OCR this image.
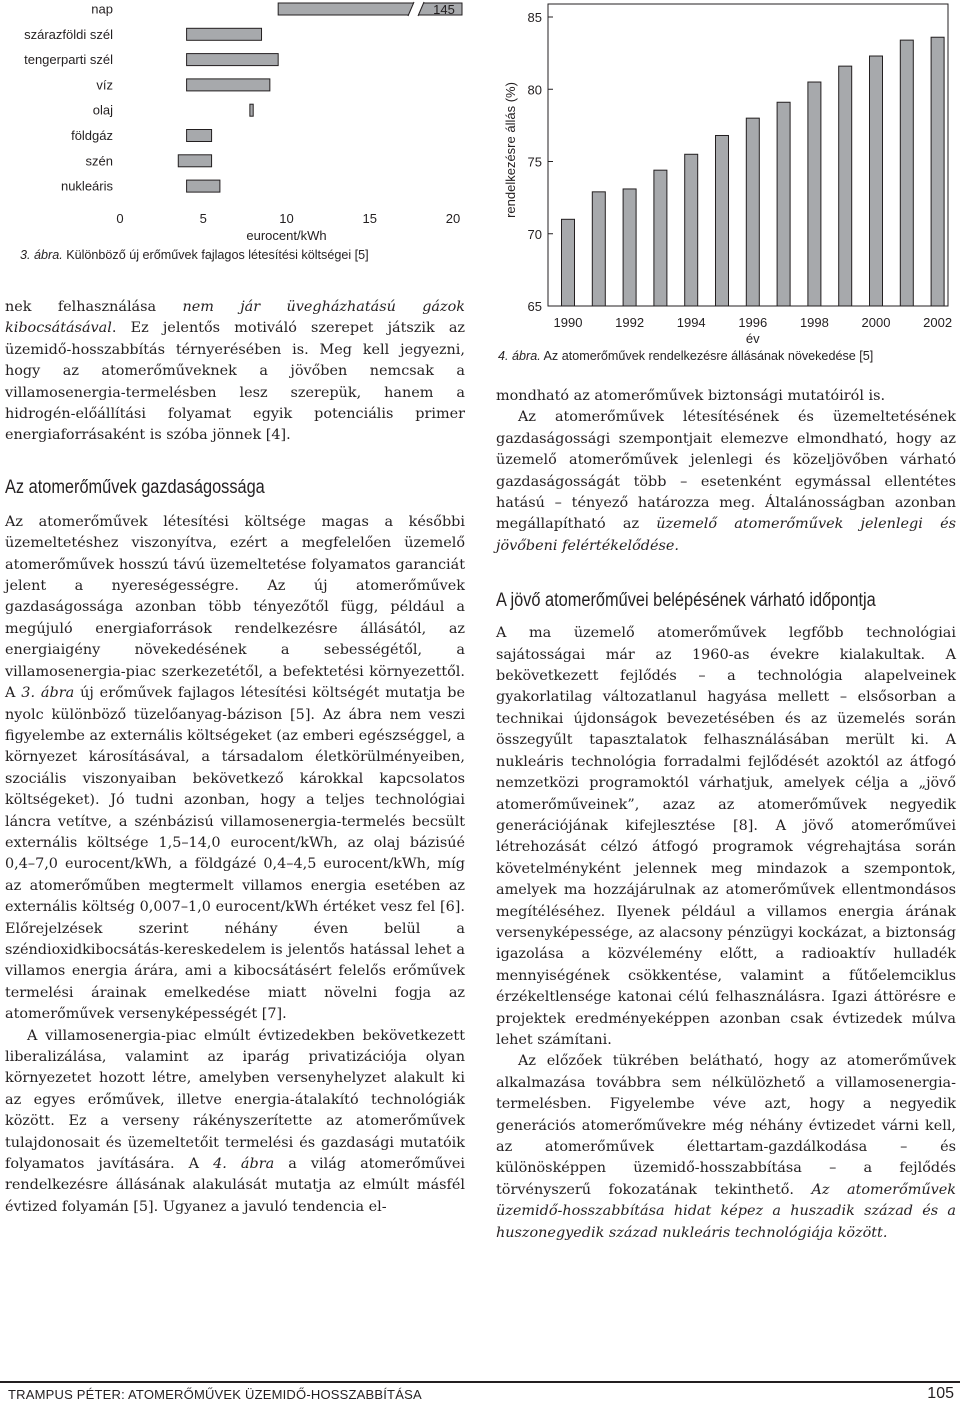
nap	145
szárazföldi szél
tengerparti szél
víz
olaj
földgáz
szén
nukleáris
0	5	10	15	20
eurocent/kWh
3. ábra. Különböző új erőművek fajlagos létesítési költségei [5]
65
70
75
80
85
1990	1992	1994	1996	1998	2000	2002
év
rendelkezésre állás (%)
4. ábra. Az atomerőművek rendelkezésre állásának növekedése [5]

nek felhasználása nem jár üvegházhatású gázok kibocsátásával. Ez jelentős motiváló szerepet játszik az üzemidő-hosszabbítás térnyerésében is. Meg kell jegyezni, hogy az atomerőműveknek a jövőben nemcsak a villamosenergia-termelésben lesz szerepük, hanem a hidrogén-előállítási folyamat egyik potenciális primer energiaforrásaként is szóba jönnek [4].

Az atomerőművek gazdaságossága

Az atomerőművek létesítési költsége magas a későbbi üzemeltetéshez viszonyítva, ezért a megfelelően üzemelő atomerőművek hosszú távú üzemeltetése folyamatos garanciát jelent a nyereségességre. Az új atomerőművek gazdaságossága azonban több tényezőtől függ, például a megújuló energiaforrások rendelkezésre állásától, az energiaigény növekedésének a sebességétől, a villamosenergia-piac szerkezetétől, a befektetési környezettől. A 3. ábra új erőművek fajlagos létesítési költségét mutatja be nyolc különböző tüzelőanyag-bázison [5]. Az ábra nem veszi figyelembe az externális költségeket (az emberi egészséggel, a környezet károsításával, a társadalom életkörülményeiben, szociális viszonyaiban bekövetkező károkkal kapcsolatos költségeket). Jó tudni azonban, hogy a teljes technológiai láncra vetítve, a szénbázisú villamosenergia-termelés becsült externális költsége 1,5–14,0 eurocent/kWh, az olaj bázisúé 0,4–7,0 eurocent/kWh, a földgázé 0,4–4,5 eurocent/kWh, míg az atomerőműben megtermelt villamos energia esetében az externális költség 0,007–1,0 eurocent/kWh értéket vesz fel [6]. Előrejelzések szerint néhány éven belül a széndioxidkibocsátás-kereskedelem is jelentős hatással lehet a villamos energia árára, ami a kibocsátásért felelős erőművek termelési árainak emelkedése miatt növelni fogja az atomerőművek versenyképességét [7].

A villamosenergia-piac elmúlt évtizedekben bekövetkezett liberalizálása, valamint az iparág privatizációja olyan környezetet hozott létre, amelyben versenyhelyzet alakult ki az egyes erőművek, illetve energia-átalakító technológiák között. Ez a verseny rákényszerítette az atomerőművek tulajdonosait és üzemeltetőit termelési és gazdasági mutatóik folyamatos javítására. A 4. ábra a világ atomerőművei rendelkezésre állásának alakulását mutatja az elmúlt másfél évtized folyamán [5]. Ugyanez a javuló tendencia el-

mondható az atomerőművek biztonsági mutatóiról is.

Az atomerőművek létesítésének és üzemeltetésének gazdaságossági szempontjait elemezve elmondható, hogy az üzemelő atomerőművek jelenlegi és közeljövőben várható gazdaságosságát több – esetenként egymással ellentétes hatású – tényező határozza meg. Általánosságban azonban megállapítható az üzemelő atomerőművek jelenlegi és jövőbeni felértékelődése.

A jövő atomerőművei belépésének várható időpontja

A ma üzemelő atomerőművek legfőbb technológiai sajátosságai már az 1960-as évekre kialakultak. A bekövetkezett fejlődés – a technológia alapelveinek gyakorlatilag változatlanul hagyása mellett – elsősorban a technikai újdonságok bevezetésében és az üzemelés során összegyűlt tapasztalatok felhasználásában merült ki. A nukleáris technológia forradalmi fejlődését azoktól az átfogó nemzetközi programoktól várhatjuk, amelyek célja a „jövő atomerőműveinek”, azaz az atomerőművek negyedik generációjának kifejlesztése [8]. A jövő atomerőművei létrehozását célzó átfogó programok végrehajtása során követelményként jelennek meg mindazok a szempontok, amelyek ma hozzájárulnak az atomerőművek ellentmondásos megítéléséhez. Ilyenek például a villamos energia árának versenyképessége, az alacsony pénzügyi kockázat, a biztonság igazolása a közvélemény előtt, a radioaktív hulladék mennyiségének csökkentése, valamint a fűtőelemciklus érzékeltlensége katonai célú felhasználásra. Igazi áttörésre e projektek eredményeképpen azonban csak évtizedek múlva lehet számítani.

Az előzőek tükrében belátható, hogy az atomerőművek alkalmazása továbbra sem nélkülözhető a villamosenergia-termelésben. Figyelembe véve azt, hogy a negyedik generációs atomerőművekre még néhány évtizedet várni kell, az atomerőművek élettartam-gazdálkodása – és különösképpen üzemidő-hosszabbítása – a fejlődés törvényszerű fokozatának tekinthető. Az atomerőművek üzemidő-hosszabbítása hidat képez a huszadik század és a huszonegyedik század nukleáris technológiája között.

TRAMPUS PÉTER: ATOMERŐMŰVEK ÜZEMIDŐ-HOSSZABBÍTÁSA	105
